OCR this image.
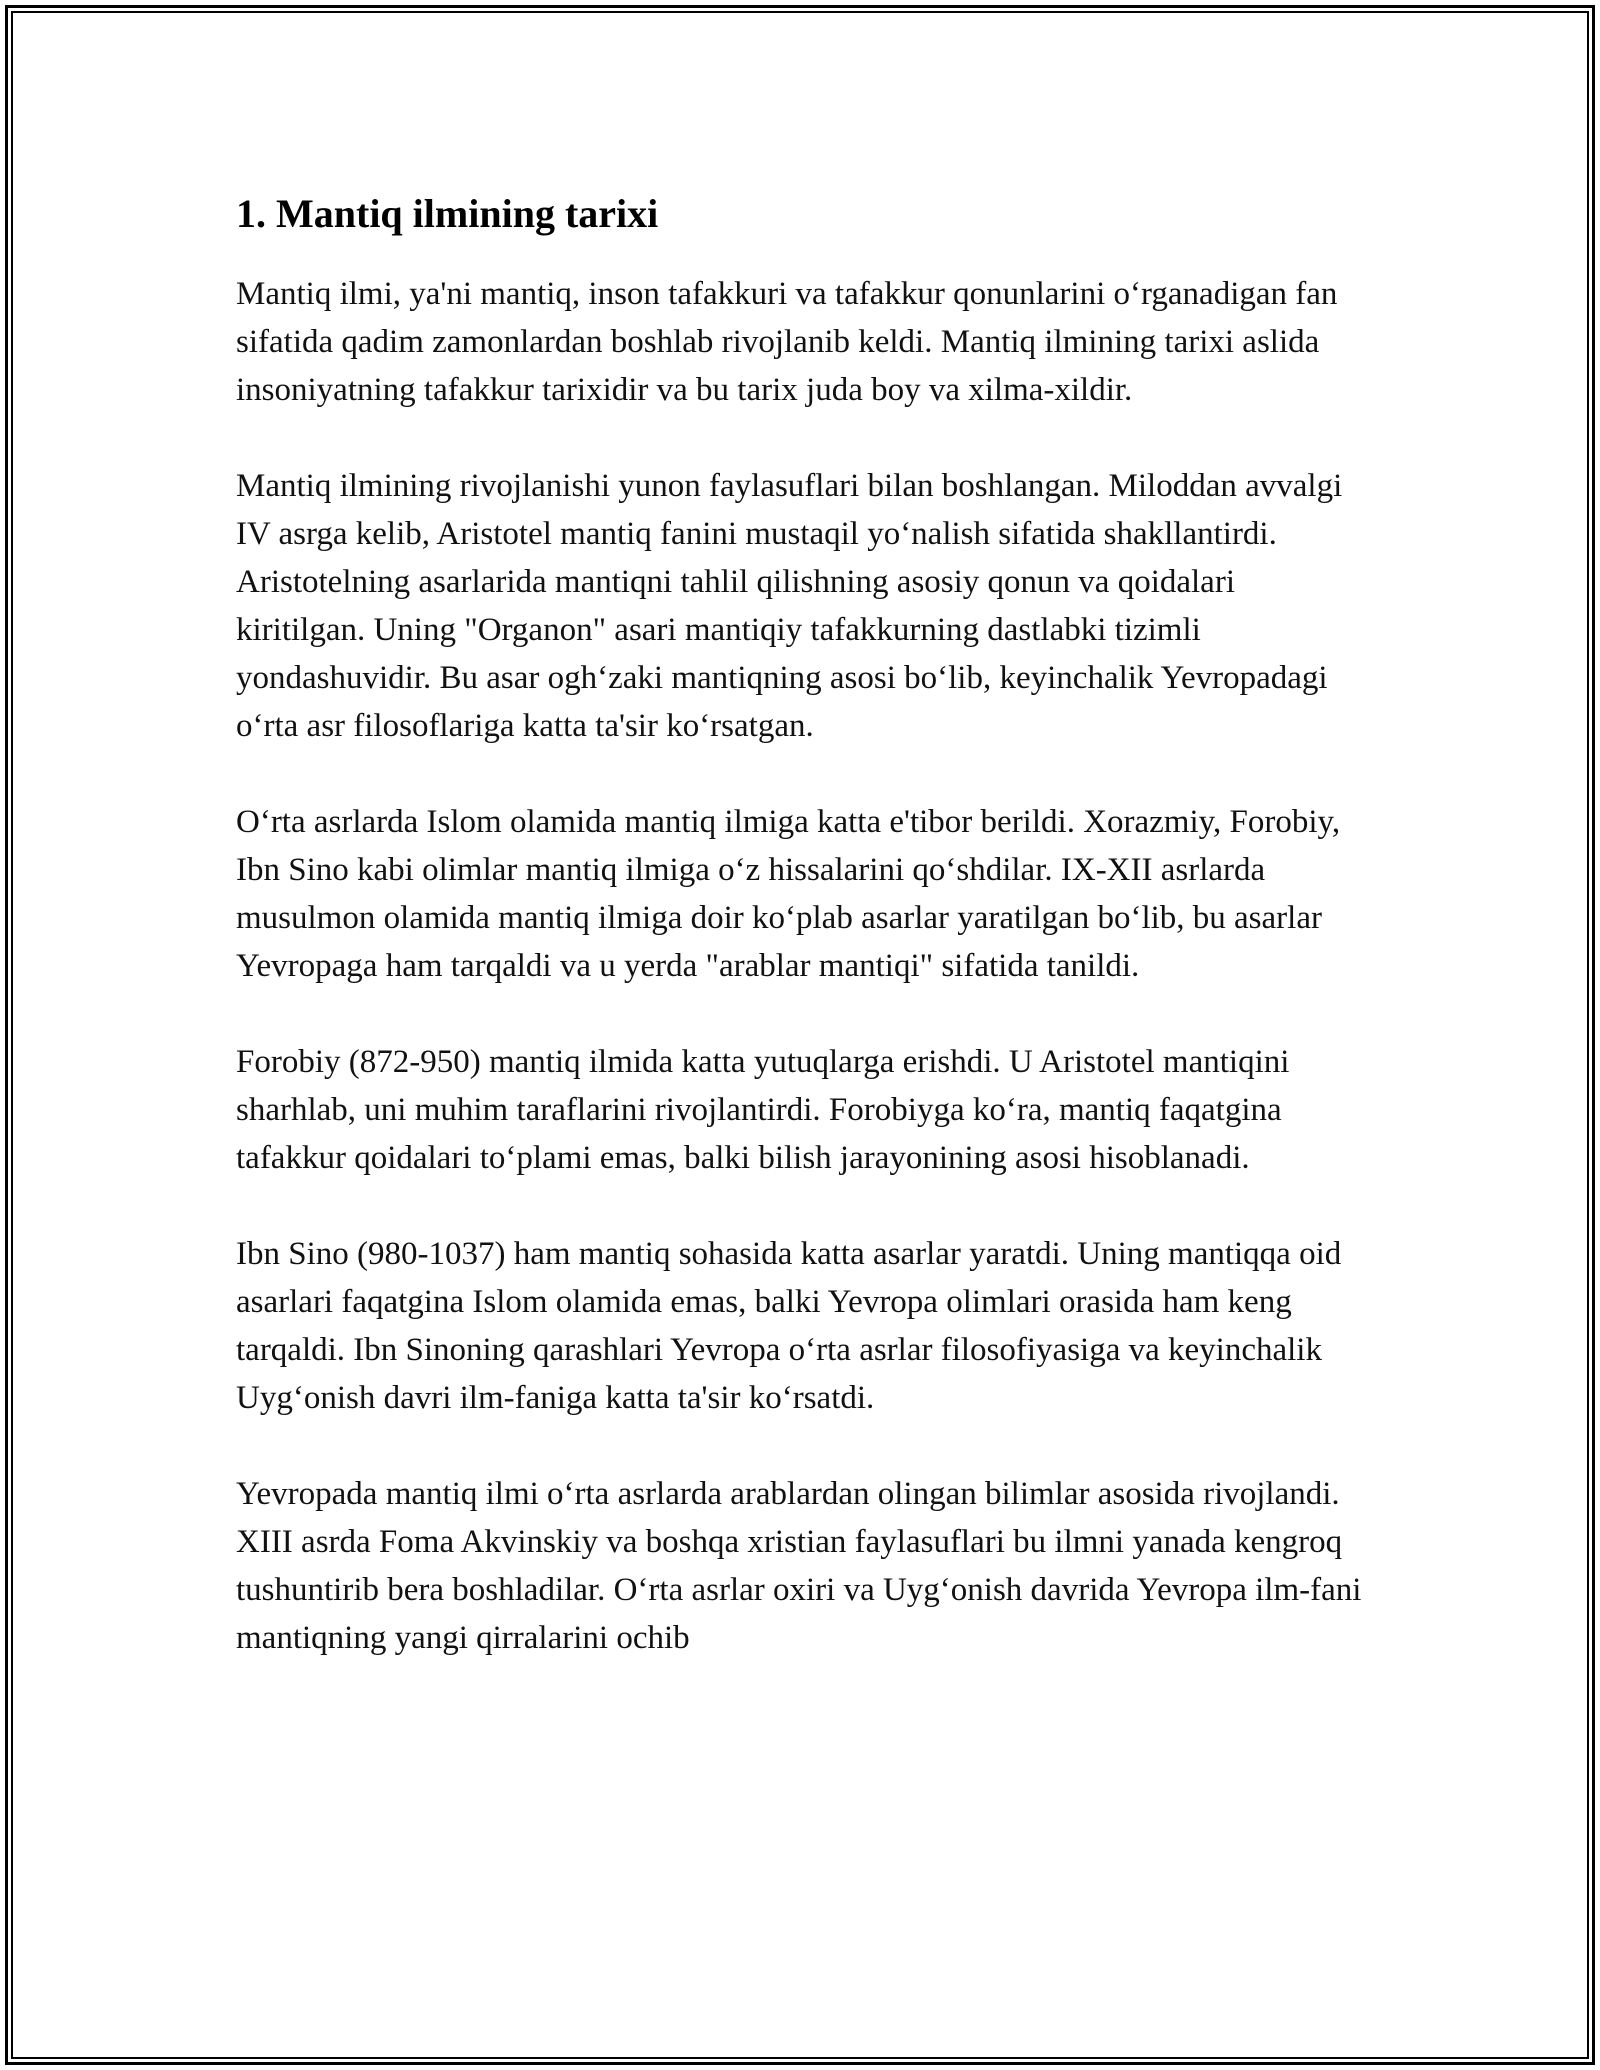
1. Mantiq ilmining tarixi

Mantiq ilmi, ya'ni mantiq, inson tafakkuri va tafakkur qonunlarini o‘rganadigan fan sifatida qadim zamonlardan boshlab rivojlanib keldi. Mantiq ilmining tarixi aslida insoniyatning tafakkur tarixidir va bu tarix juda boy va xilma-xildir.

Mantiq ilmining rivojlanishi yunon faylasuflari bilan boshlangan. Miloddan avvalgi IV asrga kelib, Aristotel mantiq fanini mustaqil yo‘nalish sifatida shakllantirdi. Aristotelning asarlarida mantiqni tahlil qilishning asosiy qonun va qoidalari kiritilgan. Uning "Organon" asari mantiqiy tafakkurning dastlabki tizimli yondashuvidir. Bu asar ogh‘zaki mantiqning asosi bo‘lib, keyinchalik Yevropadagi o‘rta asr filosoflariga katta ta'sir ko‘rsatgan.

O‘rta asrlarda Islom olamida mantiq ilmiga katta e'tibor berildi. Xorazmiy, Forobiy, Ibn Sino kabi olimlar mantiq ilmiga o‘z hissalarini qo‘shdilar. IX-XII asrlarda musulmon olamida mantiq ilmiga doir ko‘plab asarlar yaratilgan bo‘lib, bu asarlar Yevropaga ham tarqaldi va u yerda "arablar mantiqi" sifatida tanildi.

Forobiy (872-950) mantiq ilmida katta yutuqlarga erishdi. U Aristotel mantiqini sharhlab, uni muhim taraflarini rivojlantirdi. Forobiyga ko‘ra, mantiq faqatgina tafakkur qoidalari to‘plami emas, balki bilish jarayonining asosi hisoblanadi.

Ibn Sino (980-1037) ham mantiq sohasida katta asarlar yaratdi. Uning mantiqqa oid asarlari faqatgina Islom olamida emas, balki Yevropa olimlari orasida ham keng tarqaldi. Ibn Sinoning qarashlari Yevropa o‘rta asrlar filosofiyasiga va keyinchalik Uyg‘onish davri ilm-faniga katta ta'sir ko‘rsatdi.

Yevropada mantiq ilmi o‘rta asrlarda arablardan olingan bilimlar asosida rivojlandi. XIII asrda Foma Akvinskiy va boshqa xristian faylasuflari bu ilmni yanada kengroq tushuntirib bera boshladilar. O‘rta asrlar oxiri va Uyg‘onish davrida Yevropa ilm-fani mantiqning yangi qirralarini ochib
